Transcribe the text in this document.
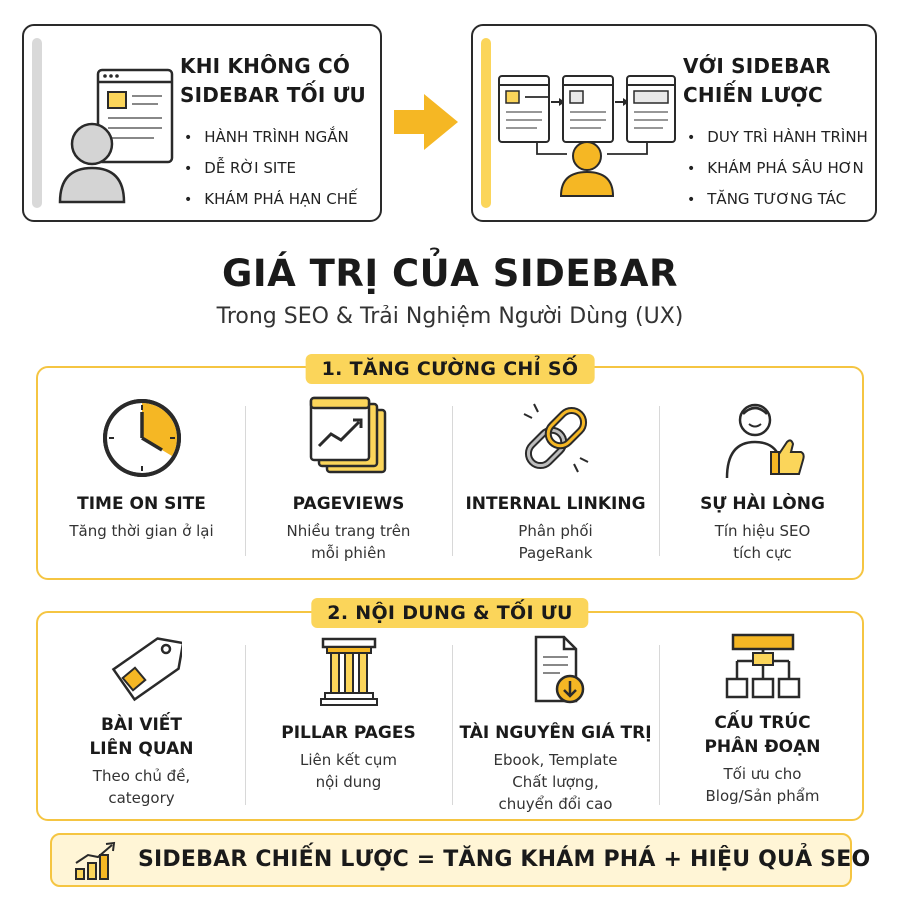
KHI KHÔNG CÓ
SIDEBAR TỐI ƯU
• HÀNH TRÌNH NGẮN
• DỄ RỜI SITE
• KHÁM PHÁ HẠN CHẾ
VỚI SIDEBAR
CHIẾN LƯỢC
• DUY TRÌ HÀNH TRÌNH
• KHÁM PHÁ SÂU HƠN
• TĂNG TƯƠNG TÁC
GIÁ TRỊ CỦA SIDEBAR
Trong SEO & Trải Nghiệm Người Dùng (UX)
TIME ON SITE
Tăng thời gian ở lại
PAGEVIEWS
Nhiều trang trên
mỗi phiên
INTERNAL LINKING
Phân phối
PageRank
SỰ HÀI LÒNG
Tín hiệu SEO
tích cực
1. TĂNG CƯỜNG CHỈ SỐ
BÀI VIẾT
LIÊN QUAN
Theo chủ đề,
category
PILLAR PAGES
Liên kết cụm
nội dung
TÀI NGUYÊN GIÁ TRỊ
Ebook, Template
Chất lượng,
chuyển đổi cao
CẤU TRÚC
PHÂN ĐOẠN
Tối ưu cho
Blog/Sản phẩm
2. NỘI DUNG & TỐI ƯU
SIDEBAR CHIẾN LƯỢC = TĂNG KHÁM PHÁ + HIỆU QUẢ SEO
